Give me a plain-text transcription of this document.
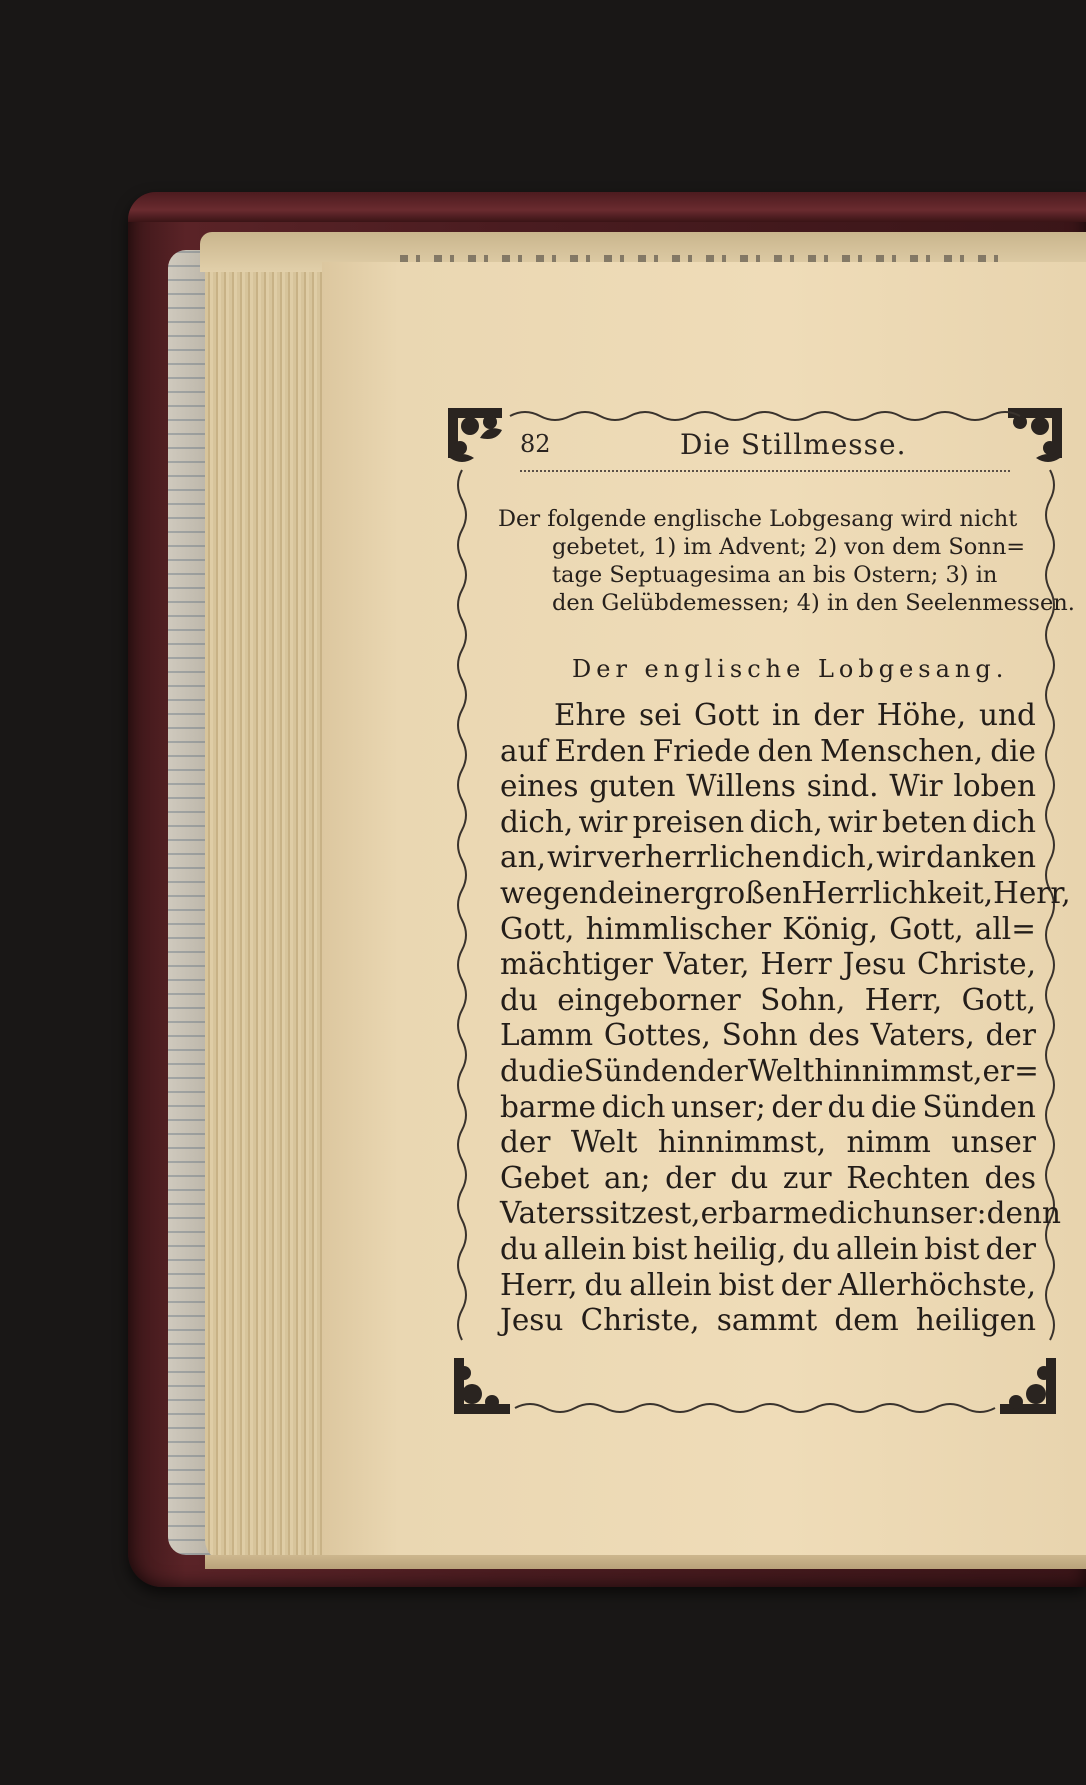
82	Die Stillmesse.
Der folgende englische Lobgesang wird nicht
gebetet, 1) im Advent; 2) von dem Sonn=
tage Septuagesima an bis Ostern; 3) in
den Gelübdemessen; 4) in den Seelenmessen.
Der englische Lobgesang.
Ehre sei Gott in der Höhe, und
auf Erden Friede den Menschen, die
eines guten Willens sind. Wir loben
dich, wir preisen dich, wir beten dich
an, wir verherrlichen dich, wir danken
wegen deiner großen Herrlichkeit, Herr,
Gott, himmlischer König, Gott, all=
mächtiger Vater, Herr Jesu Christe,
du eingeborner Sohn, Herr, Gott,
Lamm Gottes, Sohn des Vaters, der
du die Sünden der Welt hinnimmst, er=
barme dich unser; der du die Sünden
der Welt hinnimmst, nimm unser
Gebet an; der du zur Rechten des
Vaters sitzest, erbarme dich unser: denn
du allein bist heilig, du allein bist der
Herr, du allein bist der Allerhöchste,
Jesu Christe, sammt dem heiligen
